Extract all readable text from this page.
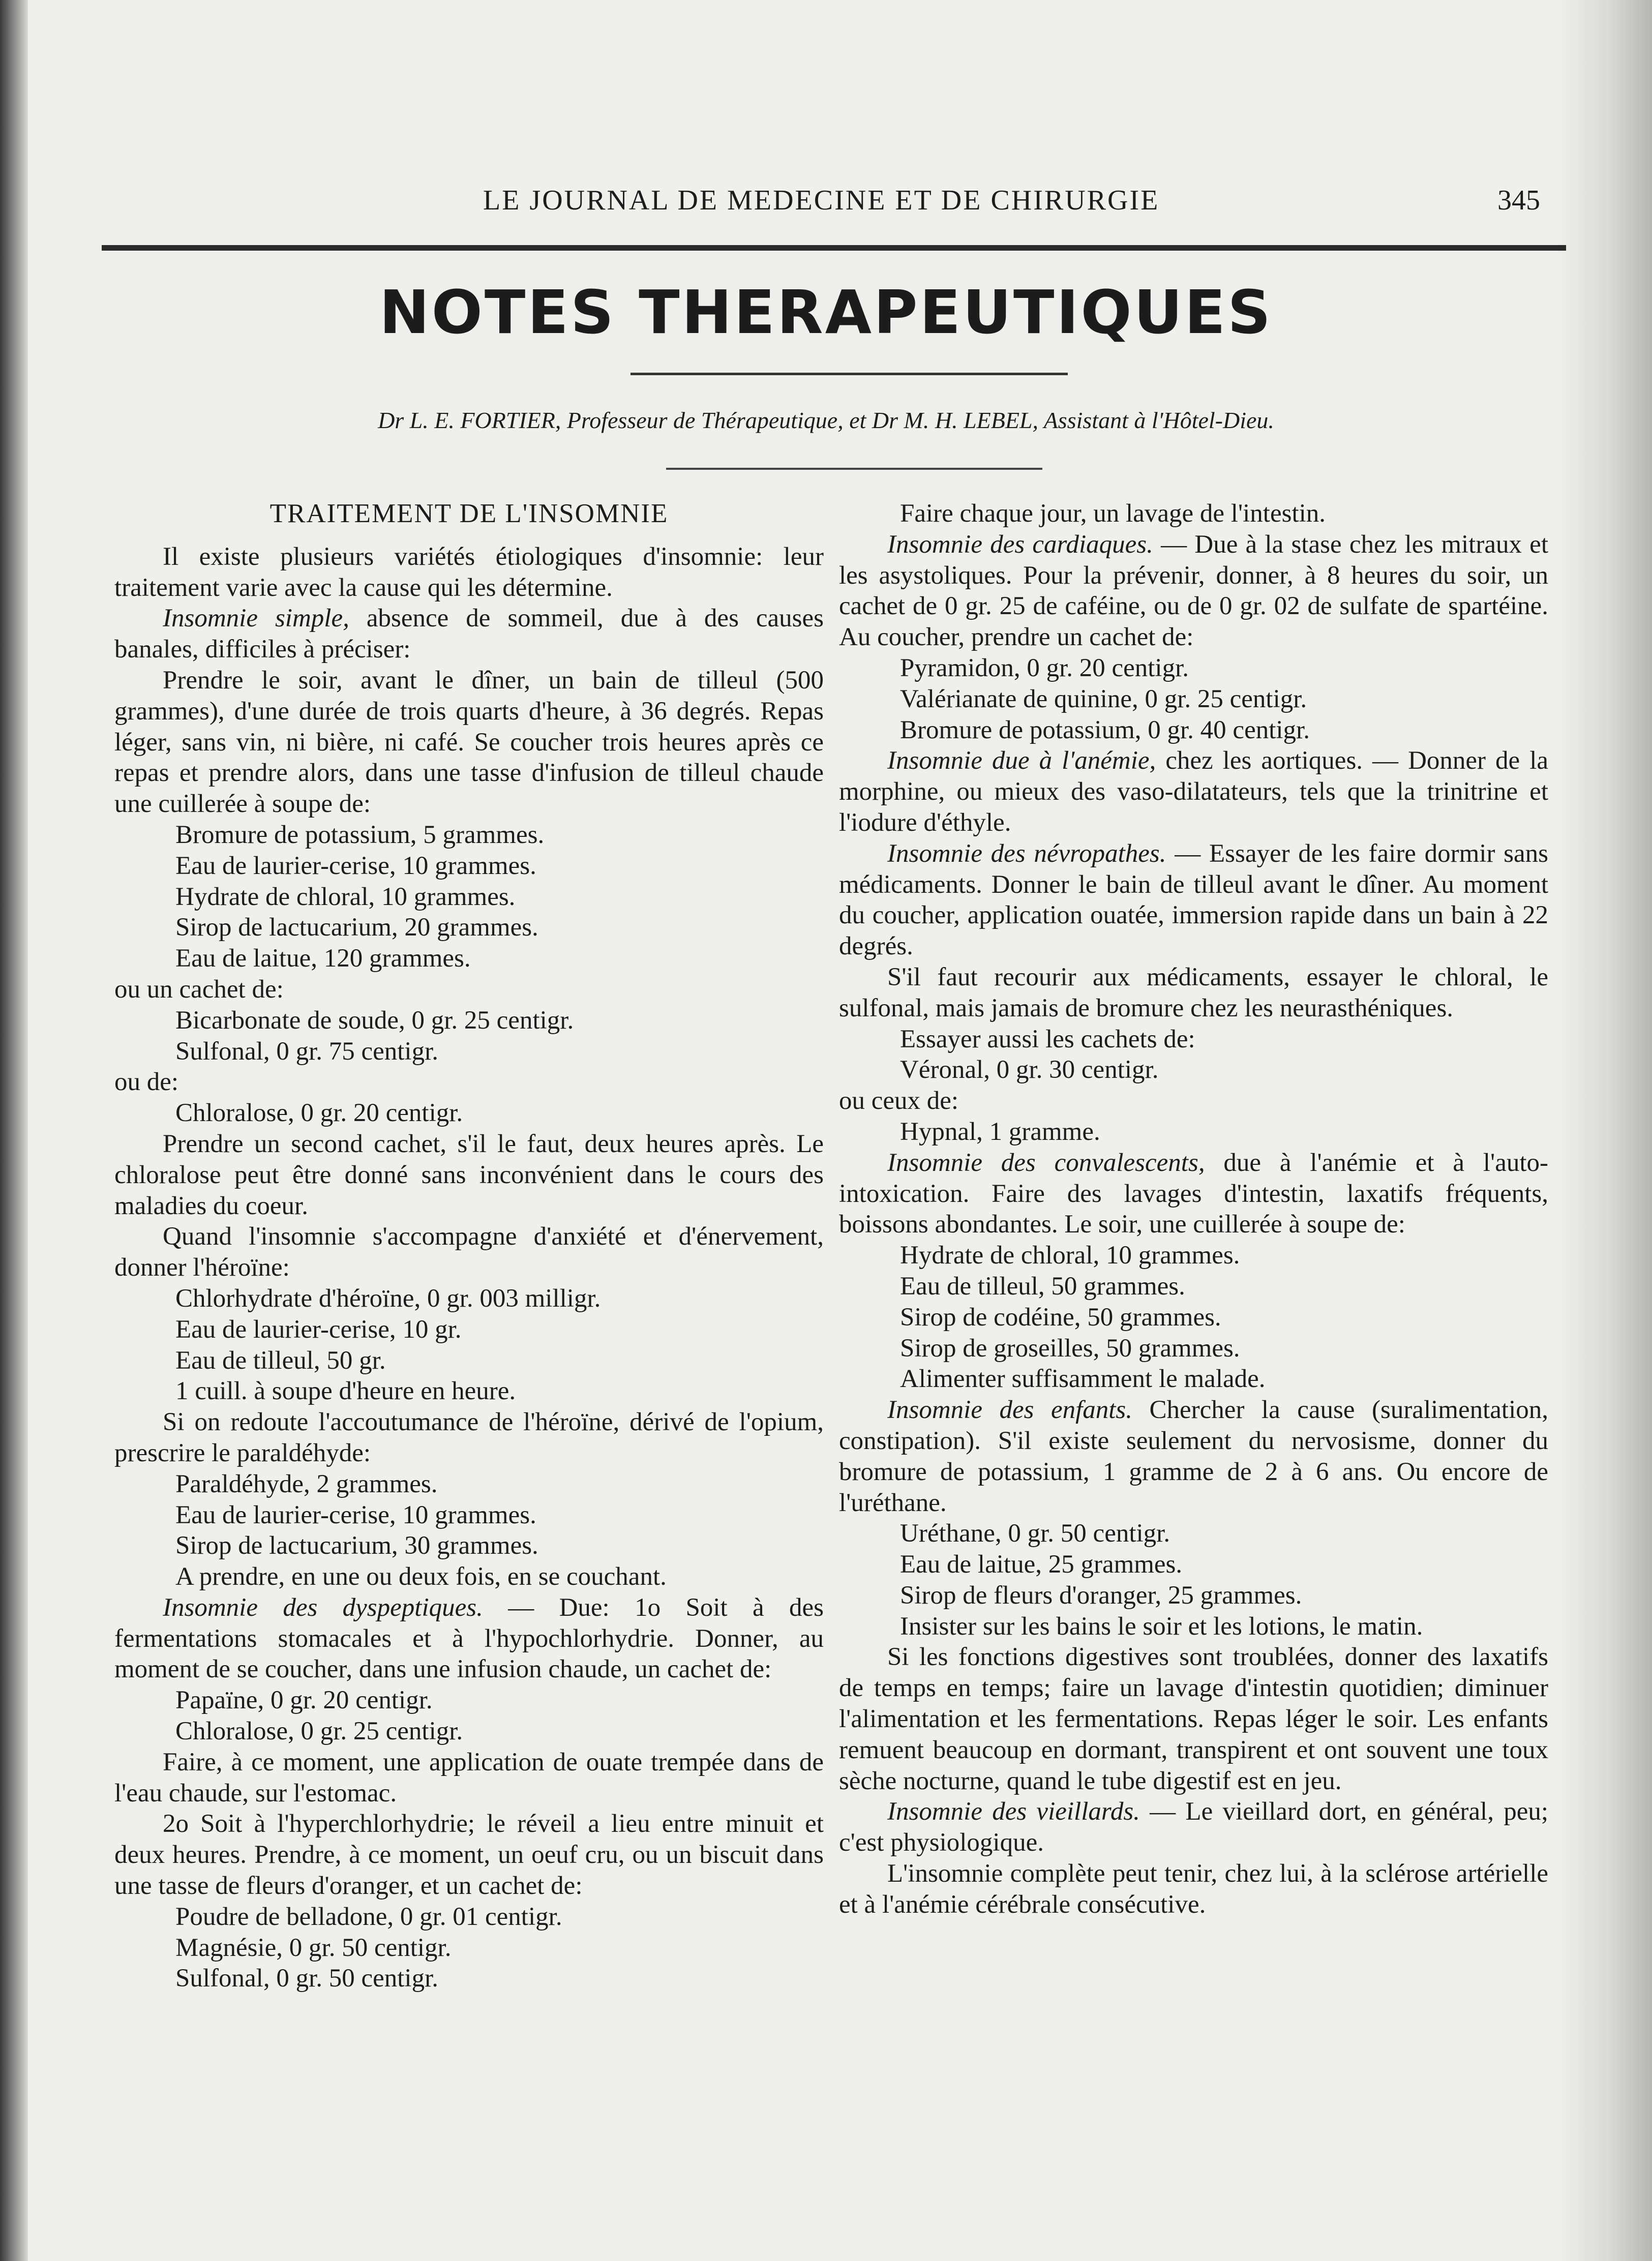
LE JOURNAL DE MEDECINE ET DE CHIRURGIE	345
NOTES THERAPEUTIQUES
Dr L. E. FORTIER, Professeur de Thérapeutique, et Dr M. H. LEBEL, Assistant à l'Hôtel-Dieu.
TRAITEMENT DE L'INSOMNIE

Il existe plusieurs variétés étiologiques d'insomnie: leur traitement varie avec la cause qui les détermine.

Insomnie simple, absence de sommeil, due à des causes banales, difficiles à préciser:

Prendre le soir, avant le dîner, un bain de tilleul (500 grammes), d'une durée de trois quarts d'heure, à 36 degrés. Repas léger, sans vin, ni bière, ni café. Se coucher trois heures après ce repas et prendre alors, dans une tasse d'infusion de tilleul chaude une cuillerée à soupe de:

Bromure de potassium, 5 grammes.

Eau de laurier-cerise, 10 grammes.

Hydrate de chloral, 10 grammes.

Sirop de lactucarium, 20 grammes.

Eau de laitue, 120 grammes.

ou un cachet de:

Bicarbonate de soude, 0 gr. 25 centigr.

Sulfonal, 0 gr. 75 centigr.

ou de:

Chloralose, 0 gr. 20 centigr.

Prendre un second cachet, s'il le faut, deux heures après. Le chloralose peut être donné sans inconvénient dans le cours des maladies du coeur.

Quand l'insomnie s'accompagne d'anxiété et d'énervement, donner l'héroïne:

Chlorhydrate d'héroïne, 0 gr. 003 milligr.

Eau de laurier-cerise, 10 gr.

Eau de tilleul, 50 gr.

1 cuill. à soupe d'heure en heure.

Si on redoute l'accoutumance de l'héroïne, dérivé de l'opium, prescrire le paraldéhyde:

Paraldéhyde, 2 grammes.

Eau de laurier-cerise, 10 grammes.

Sirop de lactucarium, 30 grammes.

A prendre, en une ou deux fois, en se couchant.

Insomnie des dyspeptiques. — Due: 1o Soit à des fermentations stomacales et à l'hypochlorhydrie. Donner, au moment de se coucher, dans une infusion chaude, un cachet de:

Papaïne, 0 gr. 20 centigr.

Chloralose, 0 gr. 25 centigr.

Faire, à ce moment, une application de ouate trempée dans de l'eau chaude, sur l'estomac.

2o Soit à l'hyperchlorhydrie; le réveil a lieu entre minuit et deux heures. Prendre, à ce moment, un oeuf cru, ou un biscuit dans une tasse de fleurs d'oranger, et un cachet de:

Poudre de belladone, 0 gr. 01 centigr.

Magnésie, 0 gr. 50 centigr.

Sulfonal, 0 gr. 50 centigr.

Faire chaque jour, un lavage de l'intestin.

Insomnie des cardiaques. — Due à la stase chez les mitraux et les asystoliques. Pour la prévenir, donner, à 8 heures du soir, un cachet de 0 gr. 25 de caféine, ou de 0 gr. 02 de sulfate de spartéine. Au coucher, prendre un cachet de:

Pyramidon, 0 gr. 20 centigr.

Valérianate de quinine, 0 gr. 25 centigr.

Bromure de potassium, 0 gr. 40 centigr.

Insomnie due à l'anémie, chez les aortiques. — Donner de la morphine, ou mieux des vaso-dilatateurs, tels que la trinitrine et l'iodure d'éthyle.

Insomnie des névropathes. — Essayer de les faire dormir sans médicaments. Donner le bain de tilleul avant le dîner. Au moment du coucher, application ouatée, immersion rapide dans un bain à 22 degrés.

S'il faut recourir aux médicaments, essayer le chloral, le sulfonal, mais jamais de bromure chez les neurasthéniques.

Essayer aussi les cachets de:

Véronal, 0 gr. 30 centigr.

ou ceux de:

Hypnal, 1 gramme.

Insomnie des convalescents, due à l'anémie et à l'auto-intoxication. Faire des lavages d'intestin, laxatifs fréquents, boissons abondantes. Le soir, une cuillerée à soupe de:

Hydrate de chloral, 10 grammes.

Eau de tilleul, 50 grammes.

Sirop de codéine, 50 grammes.

Sirop de groseilles, 50 grammes.

Alimenter suffisamment le malade.

Insomnie des enfants. Chercher la cause (suralimentation, constipation). S'il existe seulement du nervosisme, donner du bromure de potassium, 1 gramme de 2 à 6 ans. Ou encore de l'uréthane.

Uréthane, 0 gr. 50 centigr.

Eau de laitue, 25 grammes.

Sirop de fleurs d'oranger, 25 grammes.

Insister sur les bains le soir et les lotions, le matin.

Si les fonctions digestives sont troublées, donner des laxatifs de temps en temps; faire un lavage d'intestin quotidien; diminuer l'alimentation et les fermentations. Repas léger le soir. Les enfants remuent beaucoup en dormant, transpirent et ont souvent une toux sèche nocturne, quand le tube digestif est en jeu.

Insomnie des vieillards. — Le vieillard dort, en général, peu; c'est physiologique.

L'insomnie complète peut tenir, chez lui, à la sclérose artérielle et à l'anémie cérébrale consécutive.
